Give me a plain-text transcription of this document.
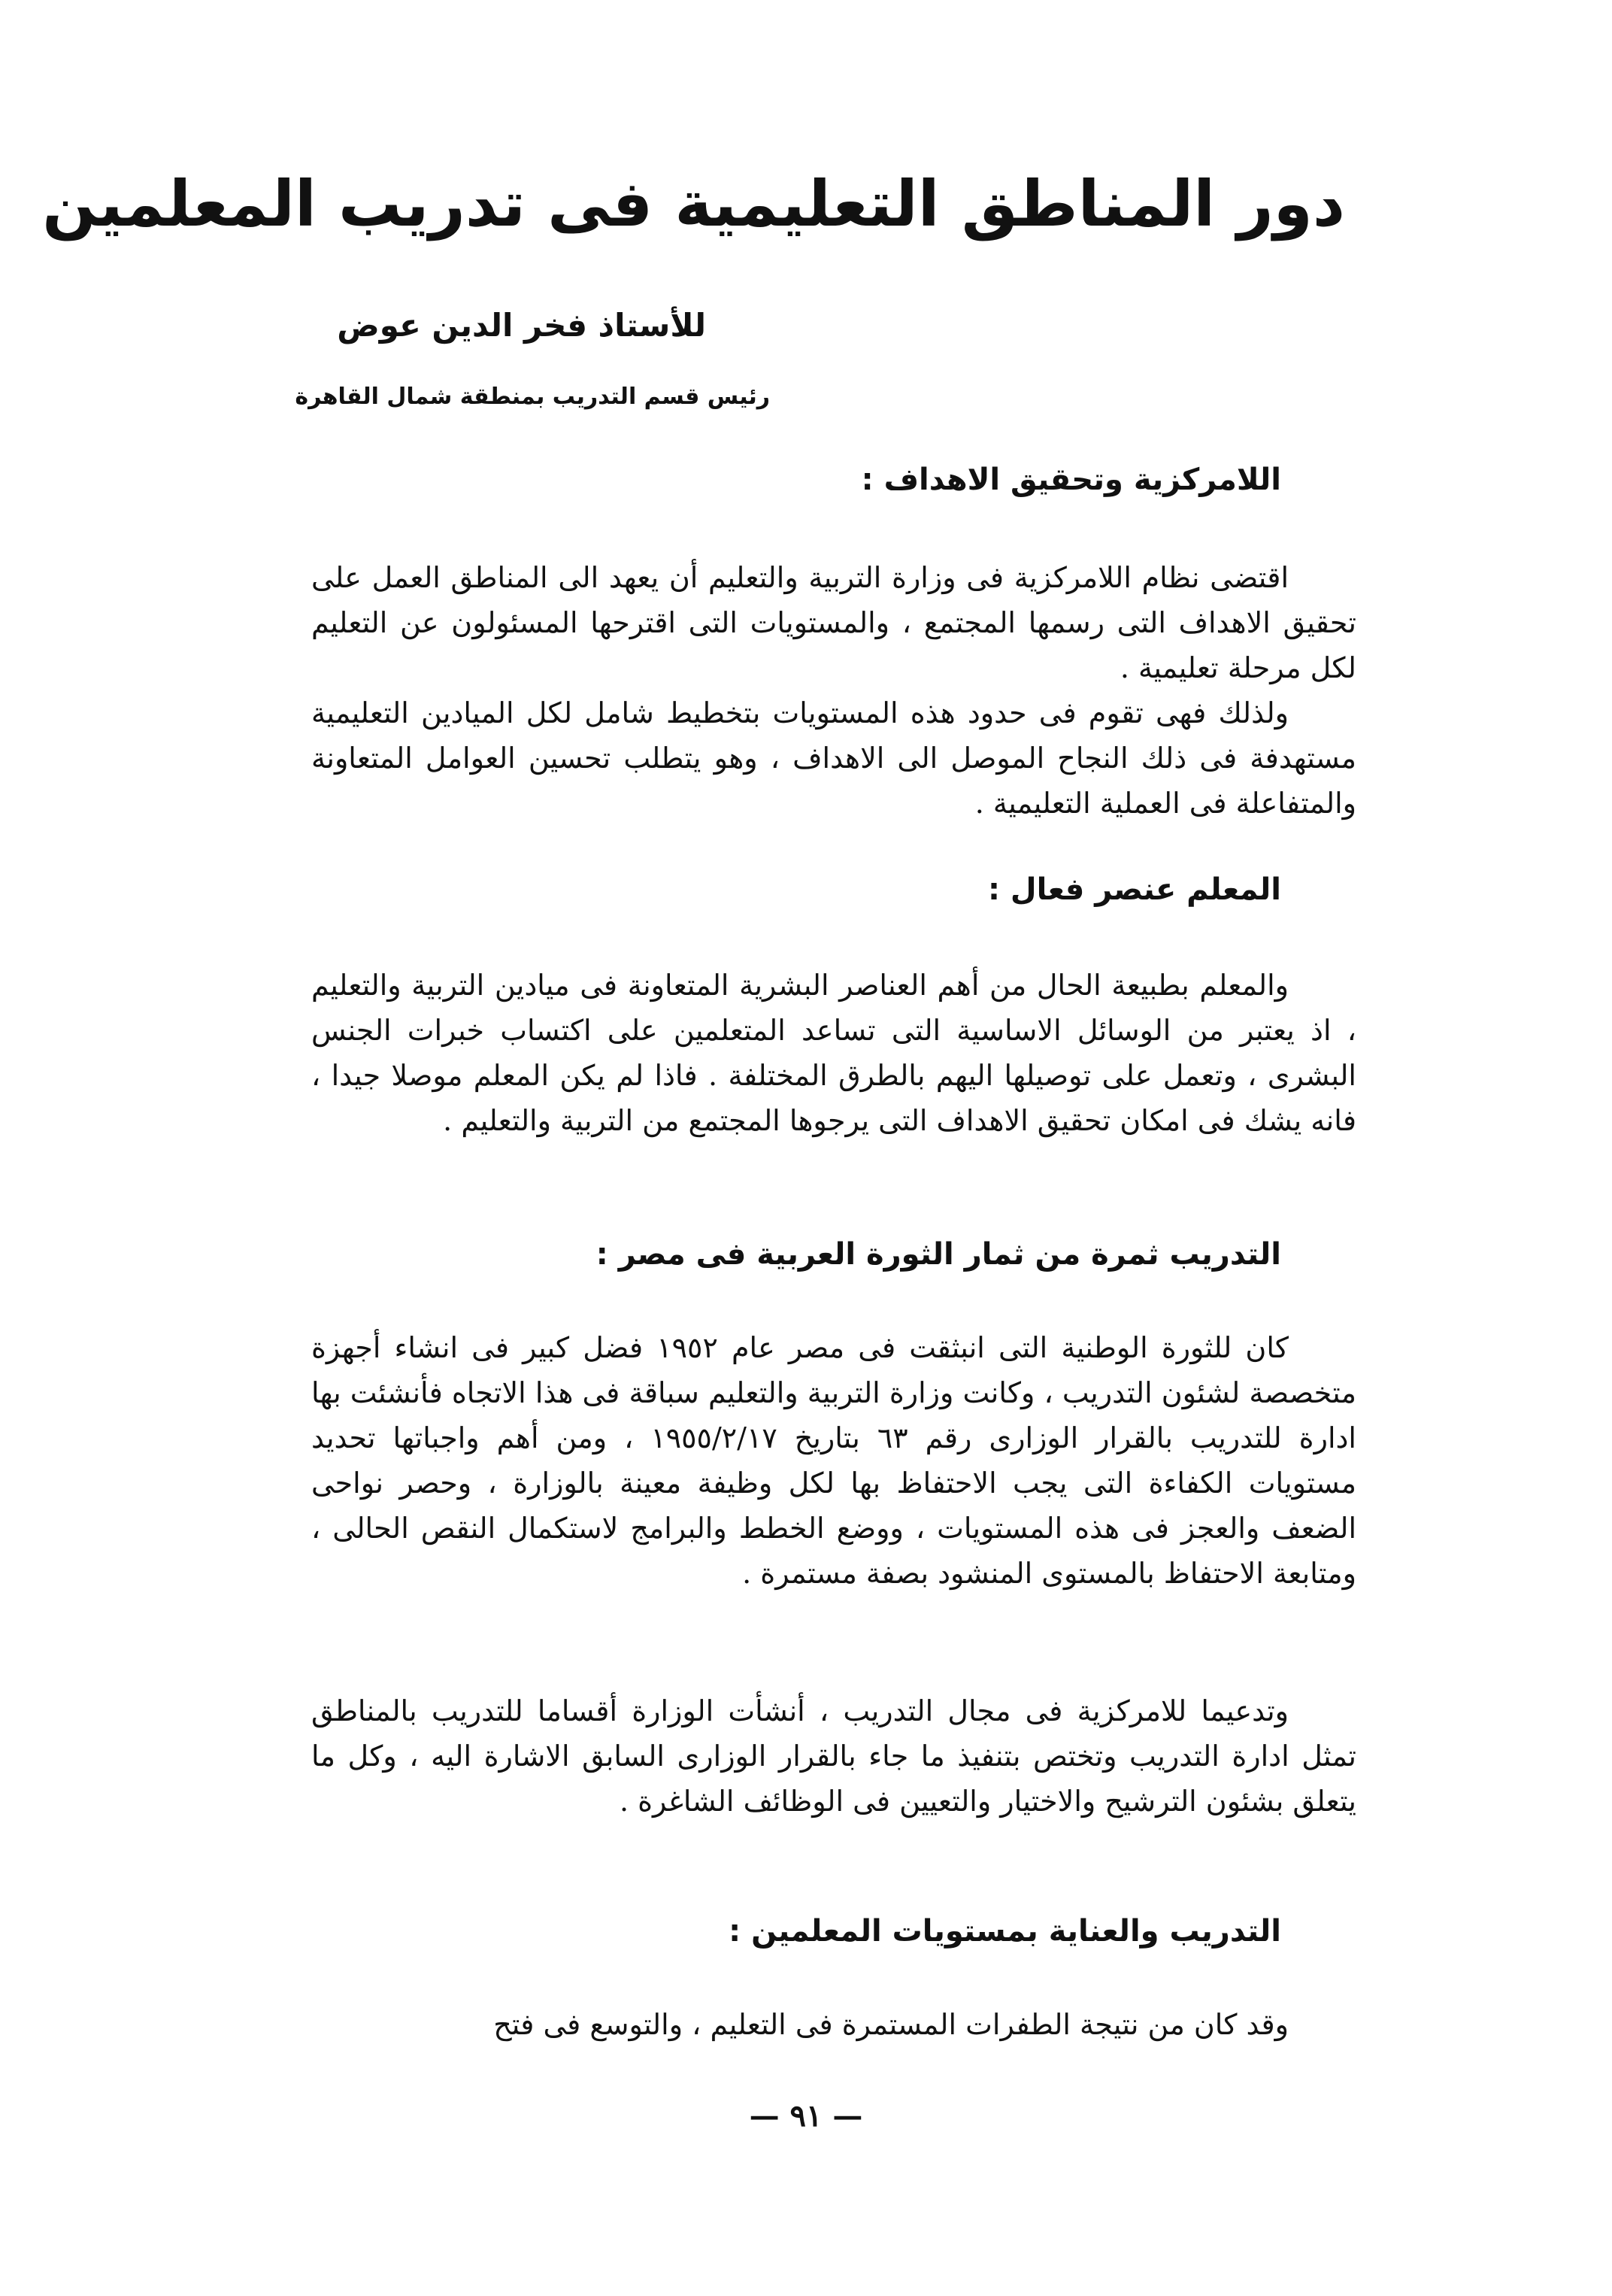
دور المناطق التعليمية فى تدريب المعلمين

للأستاذ فخر الدين عوض

رئيس قسم التدريب بمنطقة شمال القاهرة

اللامركزية وتحقيق الاهداف :

اقتضى نظام اللامركزية فى وزارة التربية والتعليم أن يعهد الى المناطق العمل على تحقيق الاهداف التى رسمها المجتمع ، والمستويات التى اقترحها المسئولون عن التعليم لكل مرحلة تعليمية .

ولذلك فهى تقوم فى حدود هذه المستويات بتخطيط شامل لكل الميادين التعليمية مستهدفة فى ذلك النجاح الموصل الى الاهداف ، وهو يتطلب تحسين العوامل المتعاونة والمتفاعلة فى العملية التعليمية .

المعلم عنصر فعال :

والمعلم بطبيعة الحال من أهم العناصر البشرية المتعاونة فى ميادين التربية والتعليم ، اذ يعتبر من الوسائل الاساسية التى تساعد المتعلمين على اكتساب خبرات الجنس البشرى ، وتعمل على توصيلها اليهم بالطرق المختلفة . فاذا لم يكن المعلم موصلا جيدا ، فانه يشك فى امكان تحقيق الاهداف التى يرجوها المجتمع من التربية والتعليم .

التدريب ثمرة من ثمار الثورة العربية فى مصر :

كان للثورة الوطنية التى انبثقت فى مصر عام ١٩٥٢ فضل كبير فى انشاء أجهزة متخصصة لشئون التدريب ، وكانت وزارة التربية والتعليم سباقة فى هذا الاتجاه فأنشئت بها ادارة للتدريب بالقرار الوزارى رقم ٦٣ بتاريخ ١٩٥٥/٢/١٧ ، ومن أهم واجباتها تحديد مستويات الكفاءة التى يجب الاحتفاظ بها لكل وظيفة معينة بالوزارة ، وحصر نواحى الضعف والعجز فى هذه المستويات ، ووضع الخطط والبرامج لاستكمال النقص الحالى ، ومتابعة الاحتفاظ بالمستوى المنشود بصفة مستمرة .

وتدعيما للامركزية فى مجال التدريب ، أنشأت الوزارة أقساما للتدريب بالمناطق تمثل ادارة التدريب وتختص بتنفيذ ما جاء بالقرار الوزارى السابق الاشارة اليه ، وكل ما يتعلق بشئون الترشيح والاختيار والتعيين فى الوظائف الشاغرة .

التدريب والعناية بمستويات المعلمين :

وقد كان من نتيجة الطفرات المستمرة فى التعليم ، والتوسع فى فتح

— ٩١ —
